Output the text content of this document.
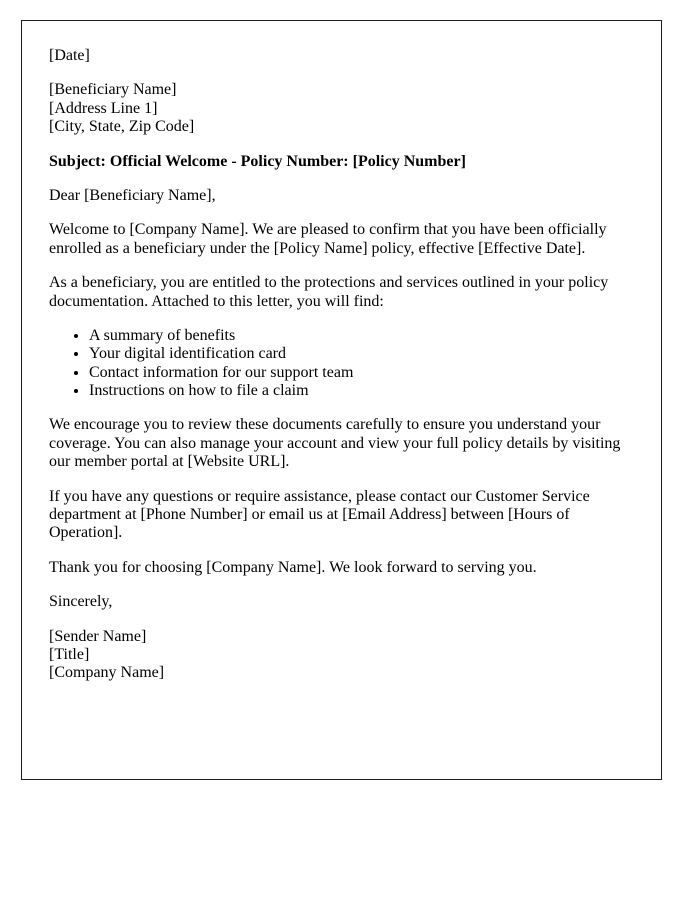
[Date]

[Beneficiary Name]
[Address Line 1]
[City, State, Zip Code]

Subject: Official Welcome - Policy Number: [Policy Number]

Dear [Beneficiary Name],

Welcome to [Company Name]. We are pleased to confirm that you have been officially enrolled as a beneficiary under the [Policy Name] policy, effective [Effective Date].

As a beneficiary, you are entitled to the protections and services outlined in your policy documentation. Attached to this letter, you will find:

• A summary of benefits
• Your digital identification card
• Contact information for our support team
• Instructions on how to file a claim

We encourage you to review these documents carefully to ensure you understand your coverage. You can also manage your account and view your full policy details by visiting our member portal at [Website URL].

If you have any questions or require assistance, please contact our Customer Service department at [Phone Number] or email us at [Email Address] between [Hours of Operation].

Thank you for choosing [Company Name]. We look forward to serving you.

Sincerely,

[Sender Name]
[Title]
[Company Name]
